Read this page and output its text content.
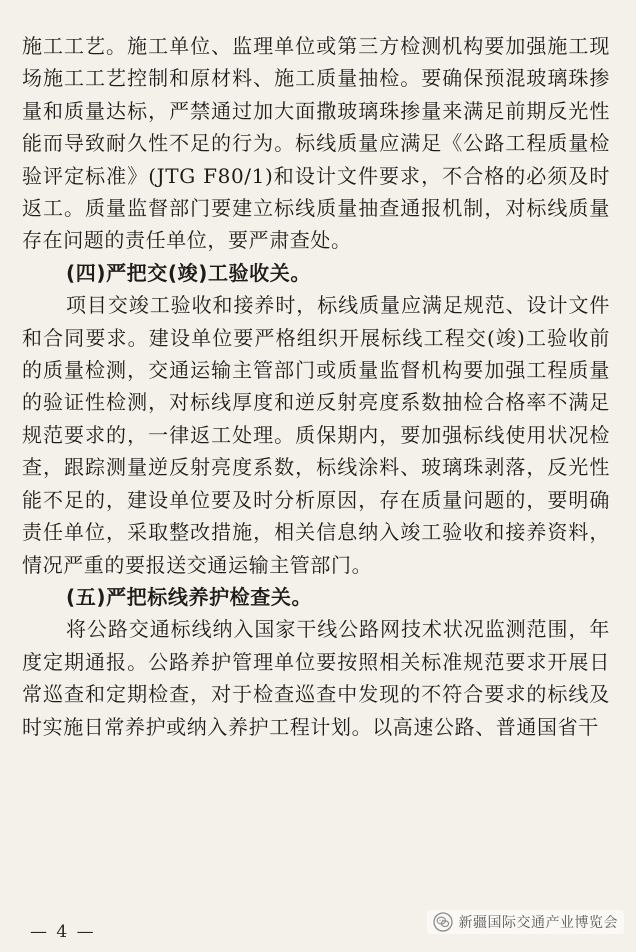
施工工艺。施工单位、监理单位或第三方检测机构要加强施工现场施工工艺控制和原材料、施工质量抽检。要确保预混玻璃珠掺量和质量达标，严禁通过加大面撒玻璃珠掺量来满足前期反光性能而导致耐久性不足的行为。标线质量应满足《公路工程质量检验评定标准》(JTG F80/1)和设计文件要求，不合格的必须及时返工。质量监督部门要建立标线质量抽查通报机制，对标线质量存在问题的责任单位，要严肃查处。

(四)严把交(竣)工验收关。

项目交竣工验收和接养时，标线质量应满足规范、设计文件和合同要求。建设单位要严格组织开展标线工程交(竣)工验收前的质量检测，交通运输主管部门或质量监督机构要加强工程质量的验证性检测，对标线厚度和逆反射亮度系数抽检合格率不满足规范要求的，一律返工处理。质保期内，要加强标线使用状况检查，跟踪测量逆反射亮度系数，标线涂料、玻璃珠剥落，反光性能不足的，建设单位要及时分析原因，存在质量问题的，要明确责任单位，采取整改措施，相关信息纳入竣工验收和接养资料，情况严重的要报送交通运输主管部门。

(五)严把标线养护检查关。

将公路交通标线纳入国家干线公路网技术状况监测范围，年度定期通报。公路养护管理单位要按照相关标准规范要求开展日常巡查和定期检查，对于检查巡查中发现的不符合要求的标线及时实施日常养护或纳入养护工程计划。以高速公路、普通国省干

— 4 —	新疆国际交通产业博览会
